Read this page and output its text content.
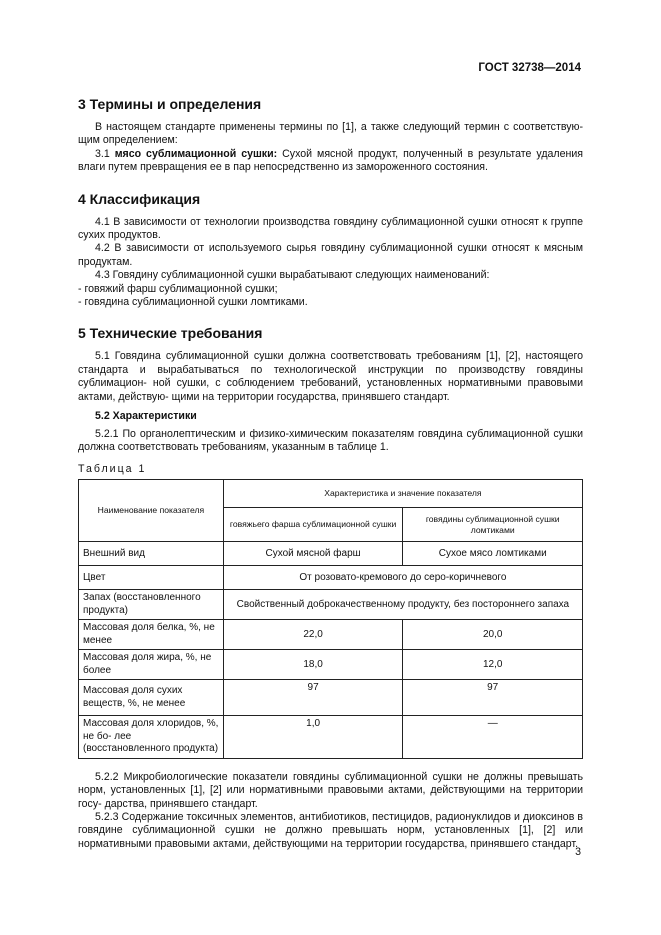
ГОСТ 32738—2014
3 Термины и определения

В настоящем стандарте применены термины по [1], а также следующий термин с соответствую- щим определением:

3.1 мясо сублимационной сушки: Сухой мясной продукт, полученный в результате удаления влаги путем превращения ее в пар непосредственно из замороженного состояния.

4 Классификация

4.1 В зависимости от технологии производства говядину сублимационной сушки относят к группе сухих продуктов.

4.2 В зависимости от используемого сырья говядину сублимационной сушки относят к мясным продуктам.

4.3 Говядину сублимационной сушки вырабатывают следующих наименований:

- говяжий фарш сублимационной сушки;

- говядина сублимационной сушки ломтиками.

5 Технические требования

5.1 Говядина сублимационной сушки должна соответствовать требованиям [1], [2], настоящего стандарта и вырабатываться по технологической инструкции по производству говядины сублимацион- ной сушки, с соблюдением требований, установленных нормативными правовыми актами, действую- щими на территории государства, принявшего стандарт.

5.2 Характеристики

5.2.1 По органолептическим и физико-химическим показателям говядина сублимационной сушки должна соответствовать требованиям, указанным в таблице 1.

Таблица 1
Наименование показателя	Характеристика и значение показателя	
	говяжьего фарша сублимационной сушки	говядины сублимационной сушки ломтиками
Внешний вид	Сухой мясной фарш	Сухое мясо ломтиками
Цвет	От розовато-кремового до серо-коричневого	
Запах (восстановленного продукта)	Свойственный доброкачественному продукту, без постороннего запаха	
Массовая доля белка, %, не менее	22,0	20,0
Массовая доля жира, %, не более	18,0	12,0
Массовая доля сухих веществ, %, не менее	97	97
Массовая доля хлоридов, %, не бо- лее (восстановленного продукта)	1,0	—

5.2.2 Микробиологические показатели говядины сублимационной сушки не должны превышать норм, установленных [1], [2] или нормативными правовыми актами, действующими на территории госу- дарства, принявшего стандарт.

5.2.3 Содержание токсичных элементов, антибиотиков, пестицидов, радионуклидов и диоксинов в говядине сублимационной сушки не должно превышать норм, установленных [1], [2] или нормативными правовыми актами, действующими на территории государства, принявшего стандарт.

3
